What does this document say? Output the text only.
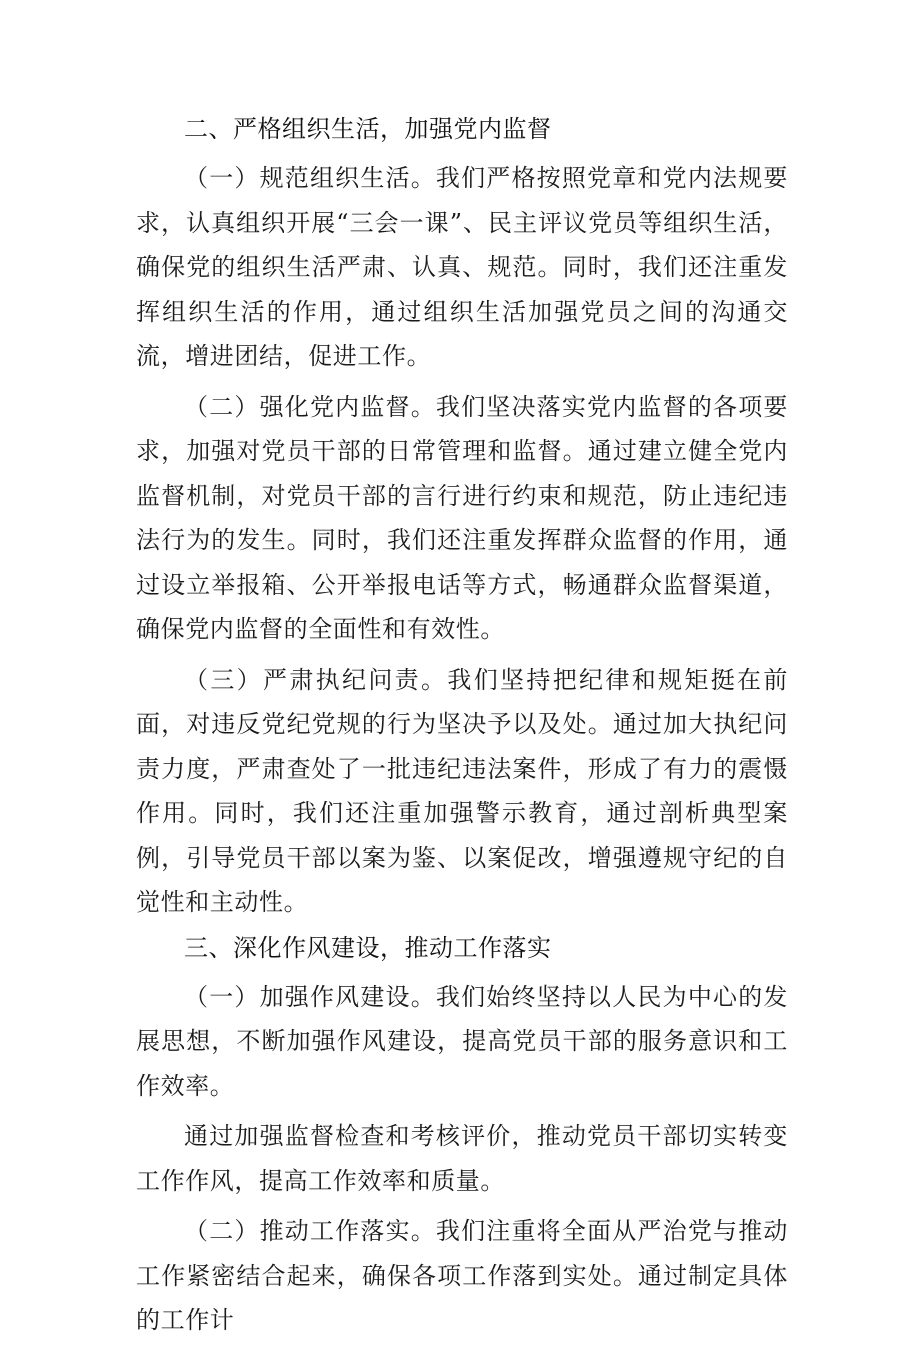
二、严格组织生活，加强党内监督

（一）规范组织生活。我们严格按照党章和党内法规要求，认真组织开展“三会一课”、民主评议党员等组织生活，确保党的组织生活严肃、认真、规范。同时，我们还注重发挥组织生活的作用，通过组织生活加强党员之间的沟通交流，增进团结，促进工作。

（二）强化党内监督。我们坚决落实党内监督的各项要求，加强对党员干部的日常管理和监督。通过建立健全党内监督机制，对党员干部的言行进行约束和规范，防止违纪违法行为的发生。同时，我们还注重发挥群众监督的作用，通过设立举报箱、公开举报电话等方式，畅通群众监督渠道，确保党内监督的全面性和有效性。

（三）严肃执纪问责。我们坚持把纪律和规矩挺在前面，对违反党纪党规的行为坚决予以及处。通过加大执纪问责力度，严肃查处了一批违纪违法案件，形成了有力的震慑作用。同时，我们还注重加强警示教育，通过剖析典型案例，引导党员干部以案为鉴、以案促改，增强遵规守纪的自觉性和主动性。

三、深化作风建设，推动工作落实

（一）加强作风建设。我们始终坚持以人民为中心的发展思想，不断加强作风建设，提高党员干部的服务意识和工作效率。

通过加强监督检查和考核评价，推动党员干部切实转变工作作风，提高工作效率和质量。

（二）推动工作落实。我们注重将全面从严治党与推动工作紧密结合起来，确保各项工作落到实处。通过制定具体的工作计
